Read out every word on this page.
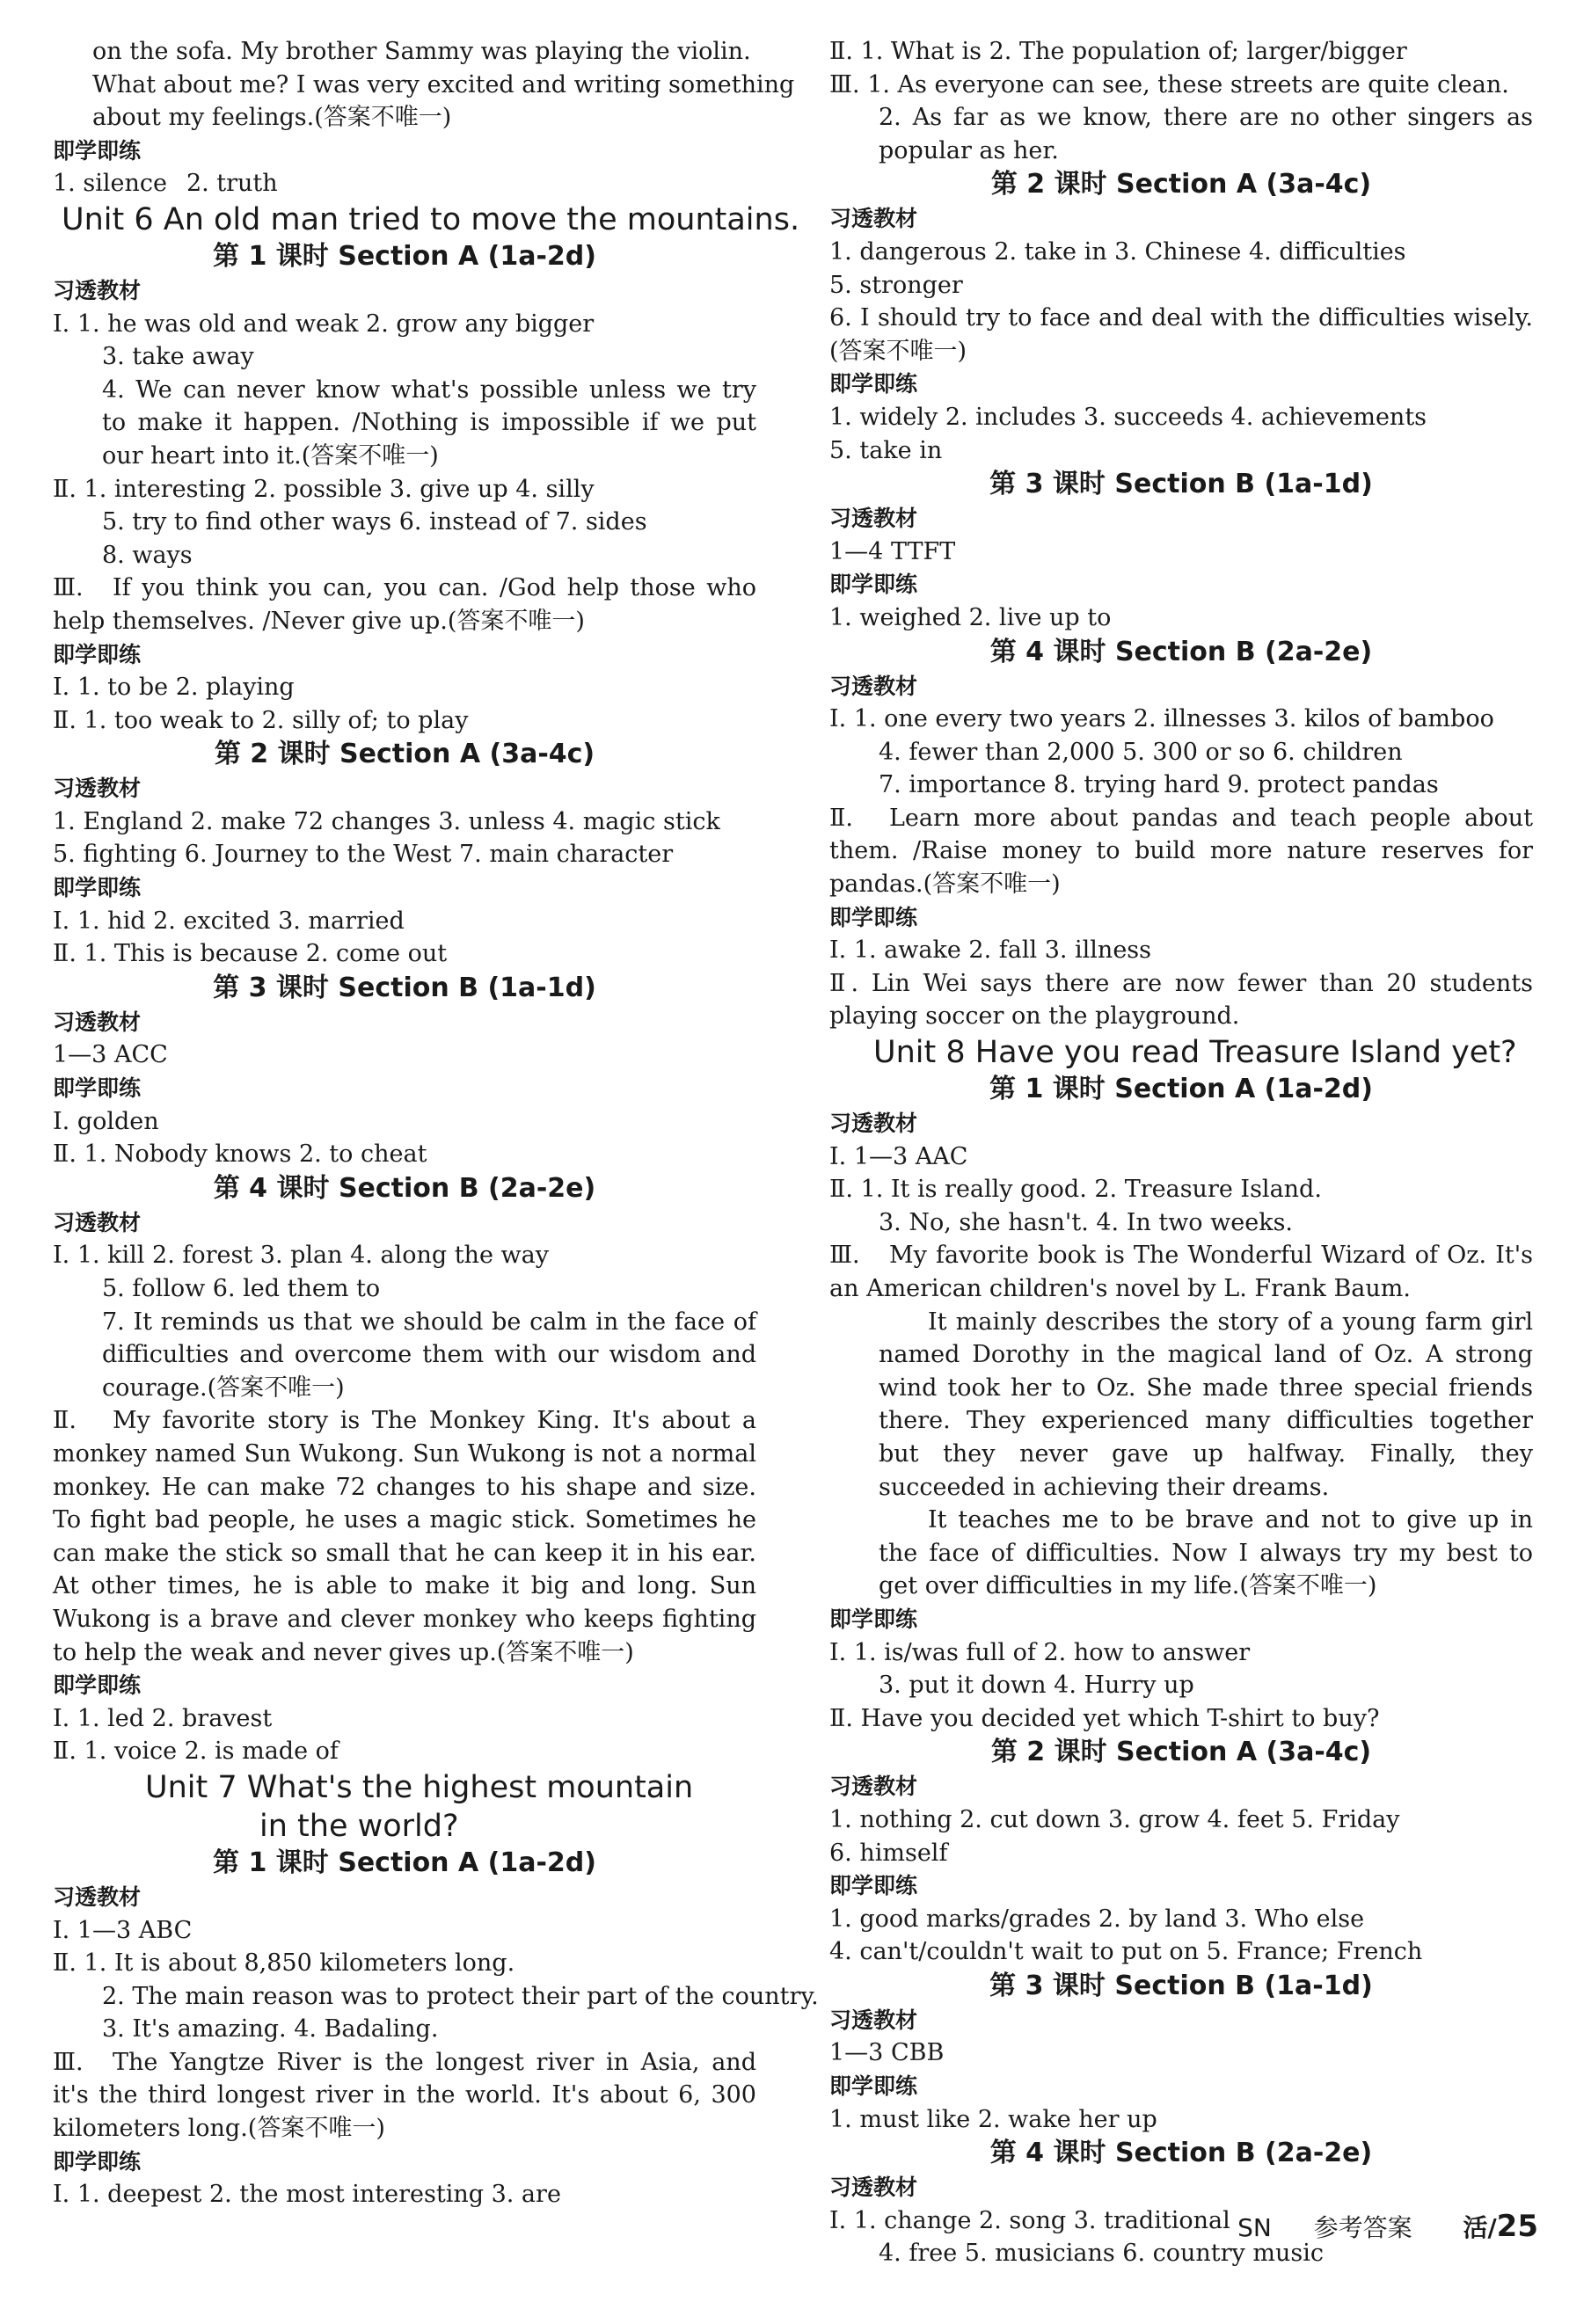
on the sofa. My brother Sammy was playing the violin.
What about me? I was very excited and writing something
about my feelings.(答案不唯一)
即学即练
1. silence 2. truth
Unit 6 An old man tried to move the mountains.
第 1 课时 Section A (1a-2d)
习透教材
Ⅰ. 1. he was old and weak 2. grow any bigger
3. take away
4. We can never know what's possible unless we try to make it happen. /Nothing is impossible if we put our heart into it.(答案不唯一)
Ⅱ. 1. interesting 2. possible 3. give up 4. silly
5. try to find other ways 6. instead of 7. sides
8. ways
Ⅲ. If you think you can, you can. /God help those who help themselves. /Never give up.(答案不唯一)
即学即练
Ⅰ. 1. to be 2. playing
Ⅱ. 1. too weak to 2. silly of; to play
第 2 课时 Section A (3a-4c)
习透教材
1. England 2. make 72 changes 3. unless 4. magic stick
5. fighting 6. Journey to the West 7. main character
即学即练
Ⅰ. 1. hid 2. excited 3. married
Ⅱ. 1. This is because 2. come out
第 3 课时 Section B (1a-1d)
习透教材
1—3 ACC
即学即练
Ⅰ. golden
Ⅱ. 1. Nobody knows 2. to cheat
第 4 课时 Section B (2a-2e)
习透教材
Ⅰ. 1. kill 2. forest 3. plan 4. along the way
5. follow 6. led them to
7. It reminds us that we should be calm in the face of difficulties and overcome them with our wisdom and courage.(答案不唯一)
Ⅱ. My favorite story is The Monkey King. It's about a monkey named Sun Wukong. Sun Wukong is not a normal monkey. He can make 72 changes to his shape and size. To fight bad people, he uses a magic stick. Sometimes he can make the stick so small that he can keep it in his ear. At other times, he is able to make it big and long. Sun Wukong is a brave and clever monkey who keeps fighting to help the weak and never gives up.(答案不唯一)
即学即练
Ⅰ. 1. led 2. bravest
Ⅱ. 1. voice 2. is made of
Unit 7 What's the highest mountain
in the world?
第 1 课时 Section A (1a-2d)
习透教材
Ⅰ. 1—3 ABC
Ⅱ. 1. It is about 8,850 kilometers long.
2. The main reason was to protect their part of the country.
3. It's amazing. 4. Badaling.
Ⅲ. The Yangtze River is the longest river in Asia, and it's the third longest river in the world. It's about 6, 300 kilometers long.(答案不唯一)
即学即练
Ⅰ. 1. deepest 2. the most interesting 3. are
Ⅱ. 1. What is 2. The population of; larger/bigger
Ⅲ. 1. As everyone can see, these streets are quite clean.
2. As far as we know, there are no other singers as popular as her.
第 2 课时 Section A (3a-4c)
习透教材
1. dangerous 2. take in 3. Chinese 4. difficulties
5. stronger
6. I should try to face and deal with the difficulties wisely.(答案不唯一)
即学即练
1. widely 2. includes 3. succeeds 4. achievements
5. take in
第 3 课时 Section B (1a-1d)
习透教材
1—4 TTFT
即学即练
1. weighed 2. live up to
第 4 课时 Section B (2a-2e)
习透教材
Ⅰ. 1. one every two years 2. illnesses 3. kilos of bamboo
4. fewer than 2,000 5. 300 or so 6. children
7. importance 8. trying hard 9. protect pandas
Ⅱ. Learn more about pandas and teach people about them. /Raise money to build more nature reserves for pandas.(答案不唯一)
即学即练
Ⅰ. 1. awake 2. fall 3. illness
Ⅱ. Lin Wei says there are now fewer than 20 students playing soccer on the playground.
Unit 8 Have you read Treasure Island yet?
第 1 课时 Section A (1a-2d)
习透教材
Ⅰ. 1—3 AAC
Ⅱ. 1. It is really good. 2. Treasure Island.
3. No, she hasn't. 4. In two weeks.
Ⅲ. My favorite book is The Wonderful Wizard of Oz. It's an American children's novel by L. Frank Baum.
It mainly describes the story of a young farm girl named Dorothy in the magical land of Oz. A strong wind took her to Oz. She made three special friends there. They experienced many difficulties together but they never gave up halfway. Finally, they succeeded in achieving their dreams.
It teaches me to be brave and not to give up in the face of difficulties. Now I always try my best to get over difficulties in my life.(答案不唯一)
即学即练
Ⅰ. 1. is/was full of 2. how to answer
3. put it down 4. Hurry up
Ⅱ. Have you decided yet which T-shirt to buy?
第 2 课时 Section A (3a-4c)
习透教材
1. nothing 2. cut down 3. grow 4. feet 5. Friday
6. himself
即学即练
1. good marks/grades 2. by land 3. Who else
4. can't/couldn't wait to put on 5. France; French
第 3 课时 Section B (1a-1d)
习透教材
1—3 CBB
即学即练
1. must like 2. wake her up
第 4 课时 Section B (2a-2e)
习透教材
Ⅰ. 1. change 2. song 3. traditional
4. free 5. musicians 6. country music
SN 参考答案 活/25
